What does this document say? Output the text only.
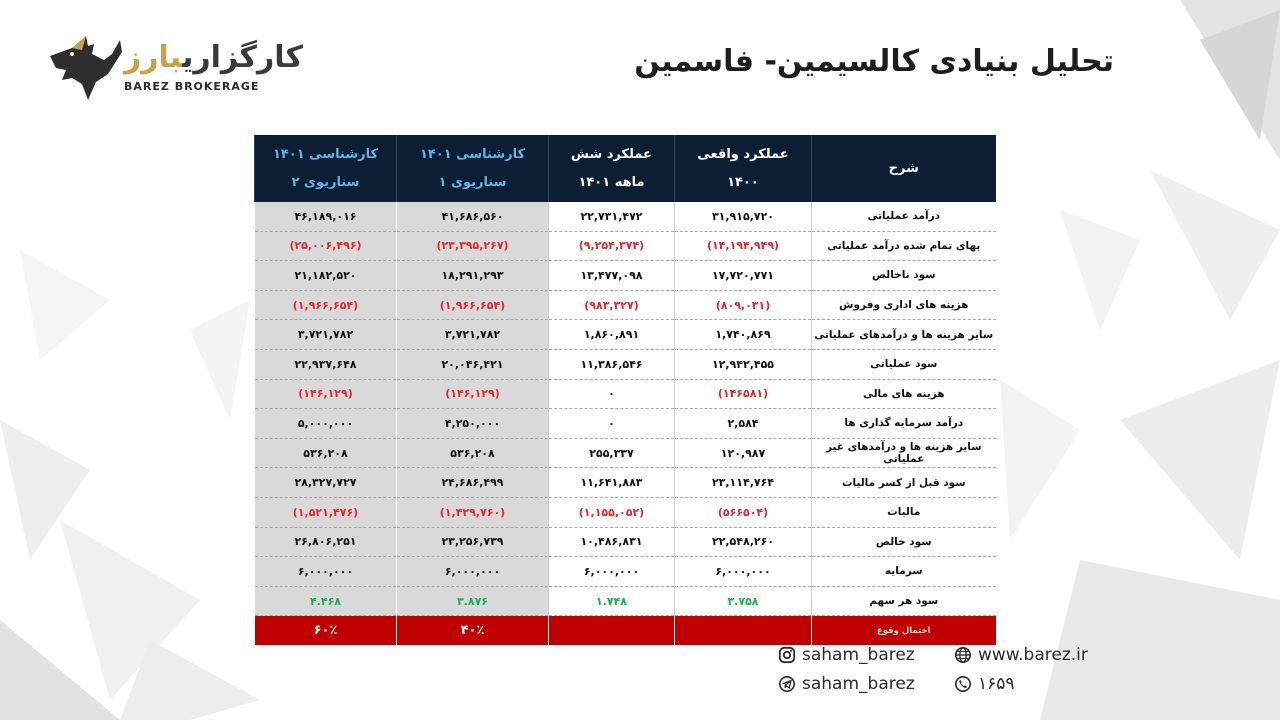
کارگزاریبارز
BAREZ BROKERAGE
تحلیل بنیادی کالسیمین- فاسمین
کارشناسی ۱۴۰۱ سناریوی ۲	کارشناسی ۱۴۰۱ سناریوی ۱	عملکرد شش ماهه ۱۴۰۱	عملکرد واقعی ۱۴۰۰	شرح
۴۶,۱۸۹,۰۱۶	۴۱,۶۸۶,۵۶۰	۲۲,۷۳۱,۴۷۲	۳۱,۹۱۵,۷۲۰	درآمد عملیاتی
(۲۵,۰۰۶,۴۹۶)	(۲۳,۳۹۵,۲۶۷)	(۹,۲۵۴,۳۷۴)	(۱۴,۱۹۴,۹۴۹)	بهای تمام شده درآمد عملیاتی
۲۱,۱۸۲,۵۲۰	۱۸,۲۹۱,۲۹۳	۱۳,۴۷۷,۰۹۸	۱۷,۷۲۰,۷۷۱	سود ناخالص
(۱,۹۶۶,۶۵۴)	(۱,۹۶۶,۶۵۴)	(۹۸۳,۳۲۷)	(۸۰۹,۰۳۱)	هزینه های اداری وفروش
۳,۷۲۱,۷۸۲	۳,۷۲۱,۷۸۲	۱,۸۶۰,۸۹۱	۱,۷۴۰,۸۶۹	سایر هزینه ها و درآمدهای عملیاتی
۲۲,۹۳۷,۶۴۸	۲۰,۰۴۶,۴۲۱	۱۱,۳۸۶,۵۴۶	۱۲,۹۴۲,۴۵۵	سود عملیاتی
(۱۴۶,۱۲۹)	(۱۴۶,۱۲۹)	۰	(۱۴۶۵۸۱)	هزینه های مالی
۵,۰۰۰,۰۰۰	۴,۲۵۰,۰۰۰	۰	۲,۵۸۴	درآمد سرمایه گذاری ها
۵۳۶,۲۰۸	۵۳۶,۲۰۸	۲۵۵,۳۳۷	۱۲۰,۹۸۷	سایر هزینه ها و درآمدهای غیر عملیاتی
۲۸,۳۲۷,۷۲۷	۲۴,۶۸۶,۴۹۹	۱۱,۶۴۱,۸۸۳	۲۳,۱۱۴,۷۶۴	سود قبل از کسر مالیات
(۱,۵۲۱,۴۷۶)	(۱,۴۲۹,۷۶۰)	(۱,۱۵۵,۰۵۲)	(۵۶۶۵۰۴)	مالیات
۲۶,۸۰۶,۲۵۱	۲۳,۲۵۶,۷۳۹	۱۰,۴۸۶,۸۳۱	۲۲,۵۴۸,۲۶۰	سود خالص
۶,۰۰۰,۰۰۰	۶,۰۰۰,۰۰۰	۶,۰۰۰,۰۰۰	۶,۰۰۰,۰۰۰	سرمایه
۴.۴۶۸	۳.۸۷۶	۱.۷۴۸	۳.۷۵۸	سود هر سهم
۶۰٪	۴۰٪			احتمال وقوع
saham_barez	www.barez.ir
saham_barez	۱۶۵۹
